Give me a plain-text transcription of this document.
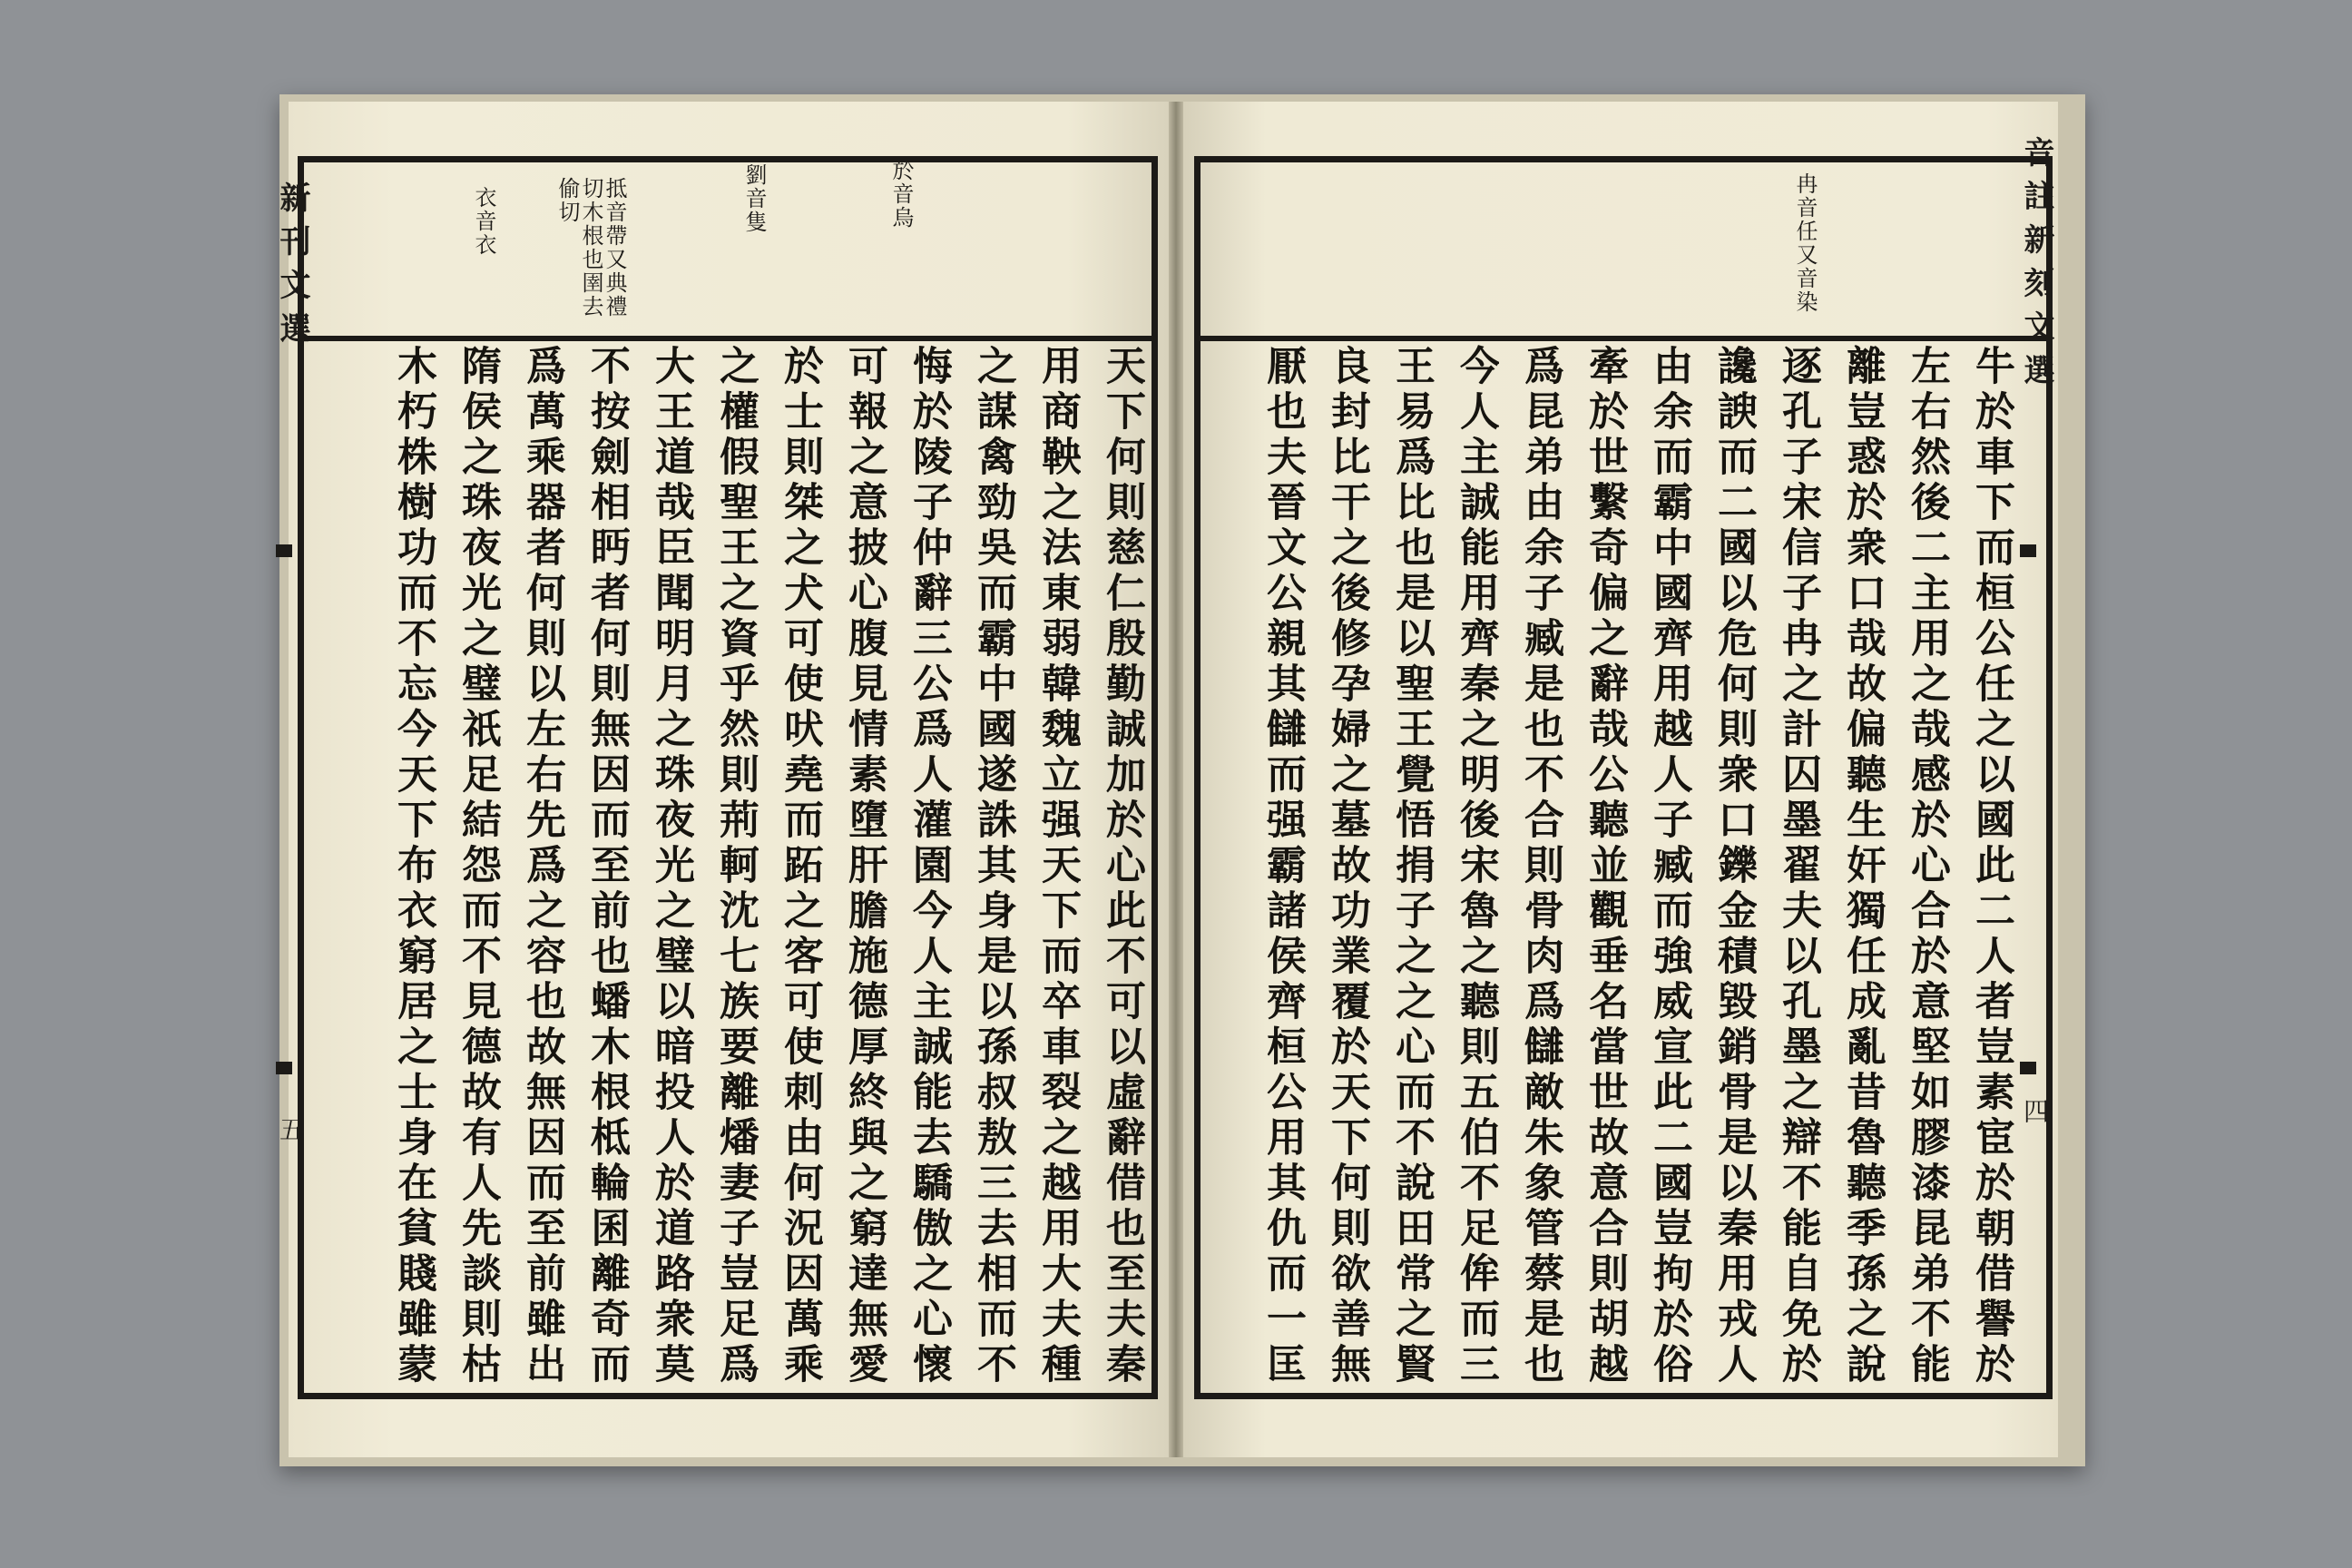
新刊文選
五
抵音帶又典禮切木根也圉去偷切
衣音衣	劉音隻	於音烏
天下何則慈仁殷勤誠加於心此不可以虛辭借也至夫秦
用商鞅之法東弱韓魏立强天下而卒車裂之越用大夫種
之謀禽勁吳而霸中國遂誅其身是以孫叔敖三去相而不
悔於陵子仲辭三公爲人灌園今人主誠能去驕傲之心懷
可報之意披心腹見情素墮肝膽施德厚終與之窮達無愛
於士則桀之犬可使吠堯而跖之客可使刺由何況因萬乘
之權假聖王之資乎然則荊軻沈七族要離燔妻子豈足爲
大王道哉臣聞明月之珠夜光之璧以暗投人於道路衆莫
不按劍相眄者何則無因而至前也蟠木根柢輪囷離奇而
爲萬乘器者何則以左右先爲之容也故無因而至前雖出
隋侯之珠夜光之璧祇足結怨而不見德故有人先談則枯
木朽株樹功而不忘今天下布衣窮居之士身在貧賤雖蒙
音註新刻文選
四
冉音任又音染
牛於車下而桓公任之以國此二人者豈素宦於朝借譽於
左右然後二主用之哉感於心合於意堅如膠漆昆弟不能
離豈惑於衆口哉故偏聽生奸獨任成亂昔魯聽季孫之說
逐孔子宋信子冉之計囚墨翟夫以孔墨之辯不能自免於
讒諛而二國以危何則衆口鑠金積毀銷骨是以秦用戎人
由余而霸中國齊用越人子臧而強威宣此二國豈拘於俗
牽於世繫奇偏之辭哉公聽並觀垂名當世故意合則胡越
爲昆弟由余子臧是也不合則骨肉爲讎敵朱象管蔡是也
今人主誠能用齊秦之明後宋魯之聽則五伯不足侔而三
王易爲比也是以聖王覺悟捐子之之心而不說田常之賢
良封比干之後修孕婦之墓故功業覆於天下何則欲善無
厭也夫晉文公親其讎而强霸諸侯齊桓公用其仇而一匡
